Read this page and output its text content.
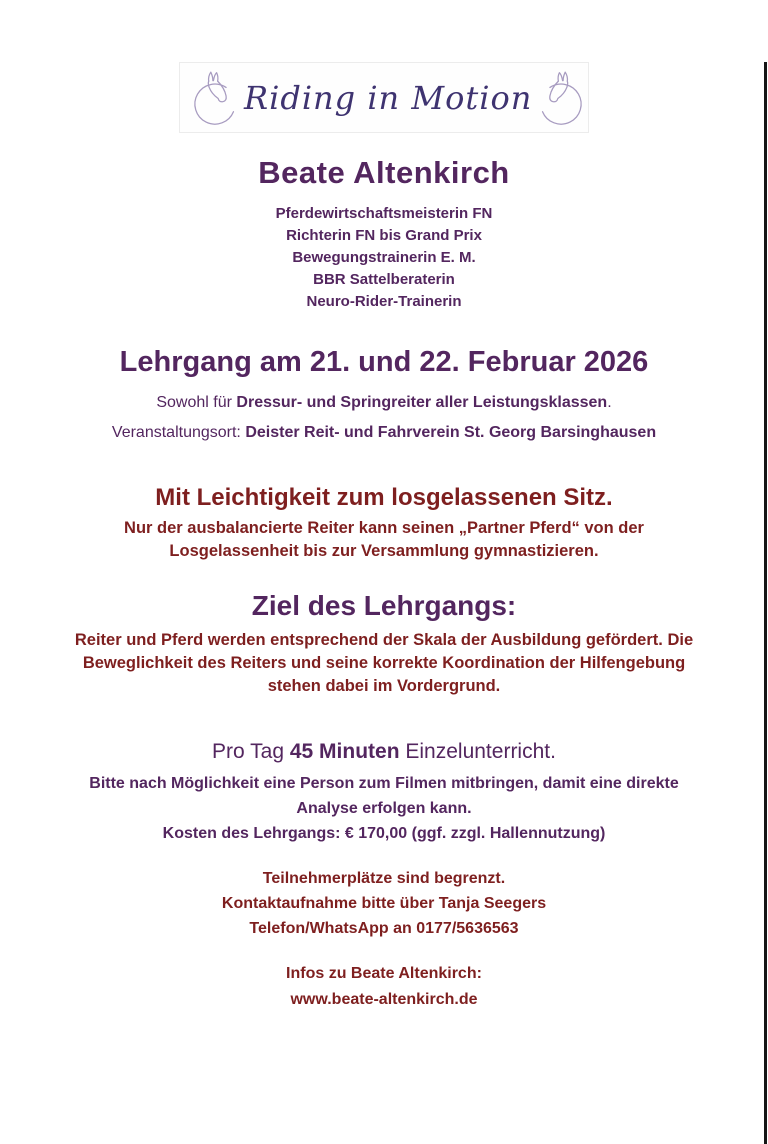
Riding in Motion
Beate Altenkirch
Pferdewirtschaftsmeisterin FN
Richterin FN bis Grand Prix
Bewegungstrainerin E. M.
BBR Sattelberaterin
Neuro-Rider-Trainerin
Lehrgang am 21. und 22. Februar 2026
Sowohl für Dressur- und Springreiter aller Leistungsklassen.
Veranstaltungsort: Deister Reit- und Fahrverein St. Georg Barsinghausen
Mit Leichtigkeit zum losgelassenen Sitz.
Nur der ausbalancierte Reiter kann seinen „Partner Pferd“ von der Losgelassenheit bis zur Versammlung gymnastizieren.
Ziel des Lehrgangs:
Reiter und Pferd werden entsprechend der Skala der Ausbildung gefördert. Die Beweglichkeit des Reiters und seine korrekte Koordination der Hilfengebung stehen dabei im Vordergrund.
Pro Tag 45 Minuten Einzelunterricht.
Bitte nach Möglichkeit eine Person zum Filmen mitbringen, damit eine direkte Analyse erfolgen kann.
Kosten des Lehrgangs: € 170,00 (ggf. zzgl. Hallennutzung)
Teilnehmerplätze sind begrenzt.
Kontaktaufnahme bitte über Tanja Seegers
Telefon/WhatsApp an 0177/5636563
Infos zu Beate Altenkirch:
www.beate-altenkirch.de
